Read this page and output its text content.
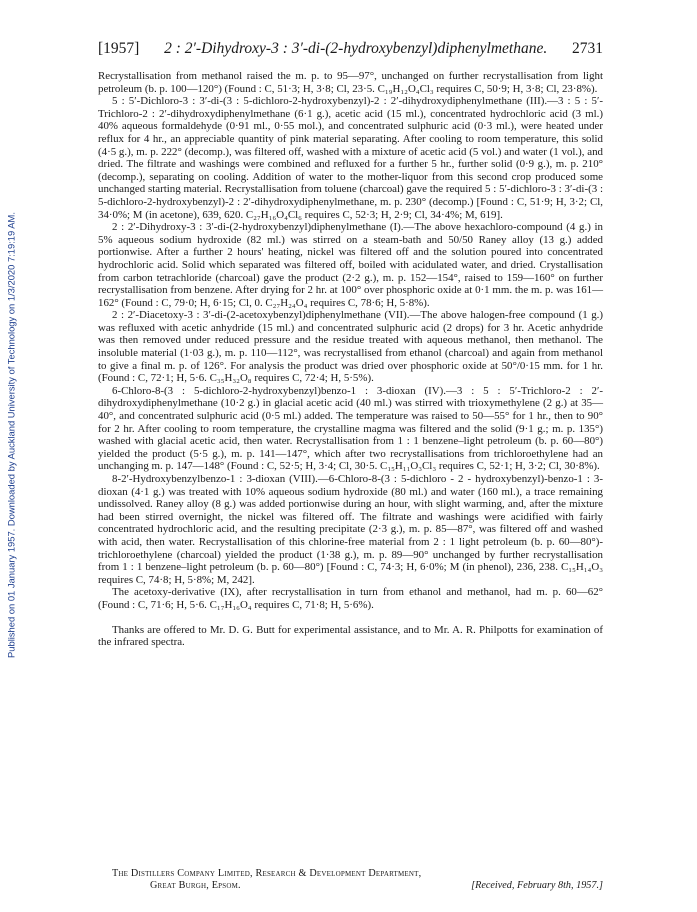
Published on 01 January 1957. Downloaded by Auckland University of Technology on 1/3/2020 7:19:19 AM.
[1957] 2 : 2′-Dihydroxy-3 : 3′-di-(2-hydroxybenzyl)diphenylmethane. 2731

Recrystallisation from methanol raised the m. p. to 95—97°, unchanged on further recrystallisation from light petroleum (b. p. 100—120°) (Found : C, 51·3; H, 3·8; Cl, 23·5. C₁₉H₁₂O₄Cl₃ requires C, 50·9; H, 3·8; Cl, 23·8%).

5 : 5′-Dichloro-3 : 3′-di-(3 : 5-dichloro-2-hydroxybenzyl)-2 : 2′-dihydroxydiphenylmethane (III).—3 : 5 : 5′-Trichloro-2 : 2′-dihydroxydiphenylmethane (6·1 g.), acetic acid (15 ml.), concentrated hydrochloric acid (3 ml.) 40% aqueous formaldehyde (0·91 ml., 0·55 mol.), and concentrated sulphuric acid (0·3 ml.), were heated under reflux for 4 hr., an appreciable quantity of pink material separating. After cooling to room temperature, this solid (4·5 g.), m. p. 222° (decomp.), was filtered off, washed with a mixture of acetic acid (5 vol.) and water (1 vol.), and dried. The filtrate and washings were combined and refluxed for a further 5 hr., further solid (0·9 g.), m. p. 210° (decomp.), separating on cooling. Addition of water to the mother-liquor from this second crop produced some unchanged starting material. Recrystallisation from toluene (charcoal) gave the required 5 : 5′-dichloro-3 : 3′-di-(3 : 5-dichloro-2-hydroxybenzyl)-2 : 2′-dihydroxydiphenylmethane, m. p. 230° (decomp.) [Found : C, 51·9; H, 3·2; Cl, 34·0%; M (in acetone), 639, 620. C₂₇H₁₆O₄Cl₆ requires C, 52·3; H, 2·9; Cl, 34·4%; M, 619].

2 : 2′-Dihydroxy-3 : 3′-di-(2-hydroxybenzyl)diphenylmethane (I).—The above hexachloro-compound (4 g.) in 5% aqueous sodium hydroxide (82 ml.) was stirred on a steam-bath and 50/50 Raney alloy (13 g.) added portionwise. After a further 2 hours' heating, nickel was filtered off and the solution poured into concentrated hydrochloric acid. Solid which separated was filtered off, boiled with acidulated water, and dried. Crystallisation from carbon tetrachloride (charcoal) gave the product (2·2 g.), m. p. 152—154°, raised to 159—160° on further recrystallisation from benzene. After drying for 2 hr. at 100° over phosphoric oxide at 0·1 mm. the m. p. was 161—162° (Found : C, 79·0; H, 6·15; Cl, 0. C₂₇H₂₄O₄ requires C, 78·6; H, 5·8%).

2 : 2′-Diacetoxy-3 : 3′-di-(2-acetoxybenzyl)diphenylmethane (VII).—The above halogen-free compound (1 g.) was refluxed with acetic anhydride (15 ml.) and concentrated sulphuric acid (2 drops) for 3 hr. Acetic anhydride was then removed under reduced pressure and the residue treated with aqueous methanol, then methanol. The insoluble material (1·03 g.), m. p. 110—112°, was recrystallised from ethanol (charcoal) and again from methanol to give a final m. p. of 126°. For analysis the product was dried over phosphoric oxide at 50°/0·15 mm. for 1 hr. (Found : C, 72·1; H, 5·6. C₃₅H₃₂O₈ requires C, 72·4; H, 5·5%).

6-Chloro-8-(3 : 5-dichloro-2-hydroxybenzyl)benzo-1 : 3-dioxan (IV).—3 : 5 : 5′-Trichloro-2 : 2′-dihydroxydiphenylmethane (10·2 g.) in glacial acetic acid (40 ml.) was stirred with trioxymethylene (2 g.) at 35—40°, and concentrated sulphuric acid (0·5 ml.) added. The temperature was raised to 50—55° for 1 hr., then to 90° for 2 hr. After cooling to room temperature, the crystalline magma was filtered and the solid (9·1 g.; m. p. 135°) washed with glacial acetic acid, then water. Recrystallisation from 1 : 1 benzene–light petroleum (b. p. 60—80°) yielded the product (5·5 g.), m. p. 141—147°, which after two recrystallisations from trichloroethylene had an unchanging m. p. 147—148° (Found : C, 52·5; H, 3·4; Cl, 30·5. C₁₅H₁₁O₃Cl₃ requires C, 52·1; H, 3·2; Cl, 30·8%).

8-2′-Hydroxybenzylbenzo-1 : 3-dioxan (VIII).—6-Chloro-8-(3 : 5-dichloro - 2 - hydroxybenzyl)-benzo-1 : 3-dioxan (4·1 g.) was treated with 10% aqueous sodium hydroxide (80 ml.) and water (160 ml.), a trace remaining undissolved. Raney alloy (8 g.) was added portionwise during an hour, with slight warming, and, after the mixture had been stirred overnight, the nickel was filtered off. The filtrate and washings were acidified with fairly concentrated hydrochloric acid, and the resulting precipitate (2·3 g.), m. p. 85—87°, was filtered off and washed with acid, then water. Recrystallisation of this chlorine-free material from 2 : 1 light petroleum (b. p. 60—80°)-trichloroethylene (charcoal) yielded the product (1·38 g.), m. p. 89—90° unchanged by further recrystallisation from 1 : 1 benzene–light petroleum (b. p. 60—80°) [Found : C, 74·3; H, 6·0%; M (in phenol), 236, 238. C₁₅H₁₄O₃ requires C, 74·8; H, 5·8%; M, 242].

The acetoxy-derivative (IX), after recrystallisation in turn from ethanol and methanol, had m. p. 60—62° (Found : C, 71·6; H, 5·6. C₁₇H₁₆O₄ requires C, 71·8; H, 5·6%).

Thanks are offered to Mr. D. G. Butt for experimental assistance, and to Mr. A. R. Philpotts for examination of the infrared spectra.

The Distillers Company Limited, Research & Development Department,
Great Burgh, Epsom.	[Received, February 8th, 1957.]
